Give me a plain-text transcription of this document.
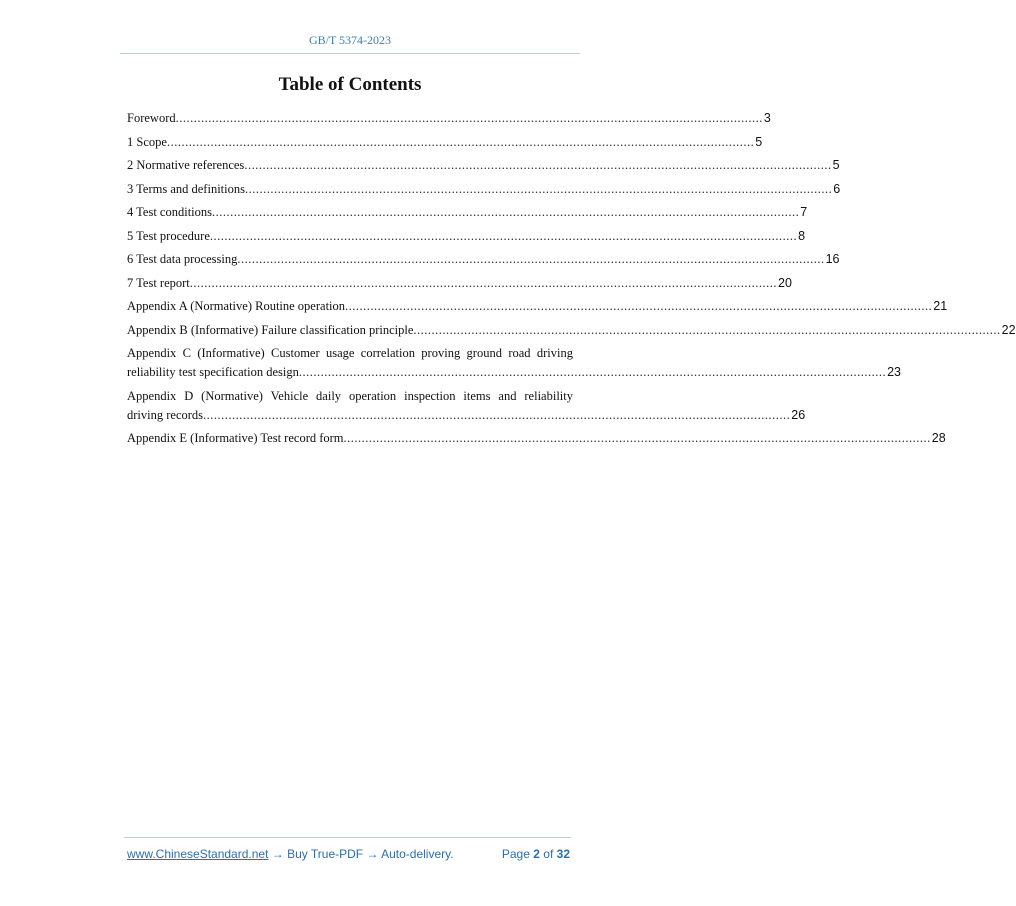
GB/T 5374-2023
Table of Contents
Foreword .................................................................................................................................................................. 3
1 Scope .................................................................................................................................................................. 5
2 Normative references .................................................................................................................................................................. 5
3 Terms and definitions .................................................................................................................................................................. 6
4 Test conditions .................................................................................................................................................................. 7
5 Test procedure .................................................................................................................................................................. 8
6 Test data processing .................................................................................................................................................................. 16
7 Test report .................................................................................................................................................................. 20
Appendix A (Normative) Routine operation .................................................................................................................................................................. 21
Appendix B (Informative) Failure classification principle .................................................................................................................................................................. 22
Appendix C (Informative) Customer usage correlation proving ground road driving
reliability test specification design .................................................................................................................................................................. 23
Appendix D (Normative) Vehicle daily operation inspection items and reliability
driving records .................................................................................................................................................................. 26
Appendix E (Informative) Test record form .................................................................................................................................................................. 28
www.ChineseStandard.net → Buy True-PDF → Auto-delivery.	Page 2 of 32
